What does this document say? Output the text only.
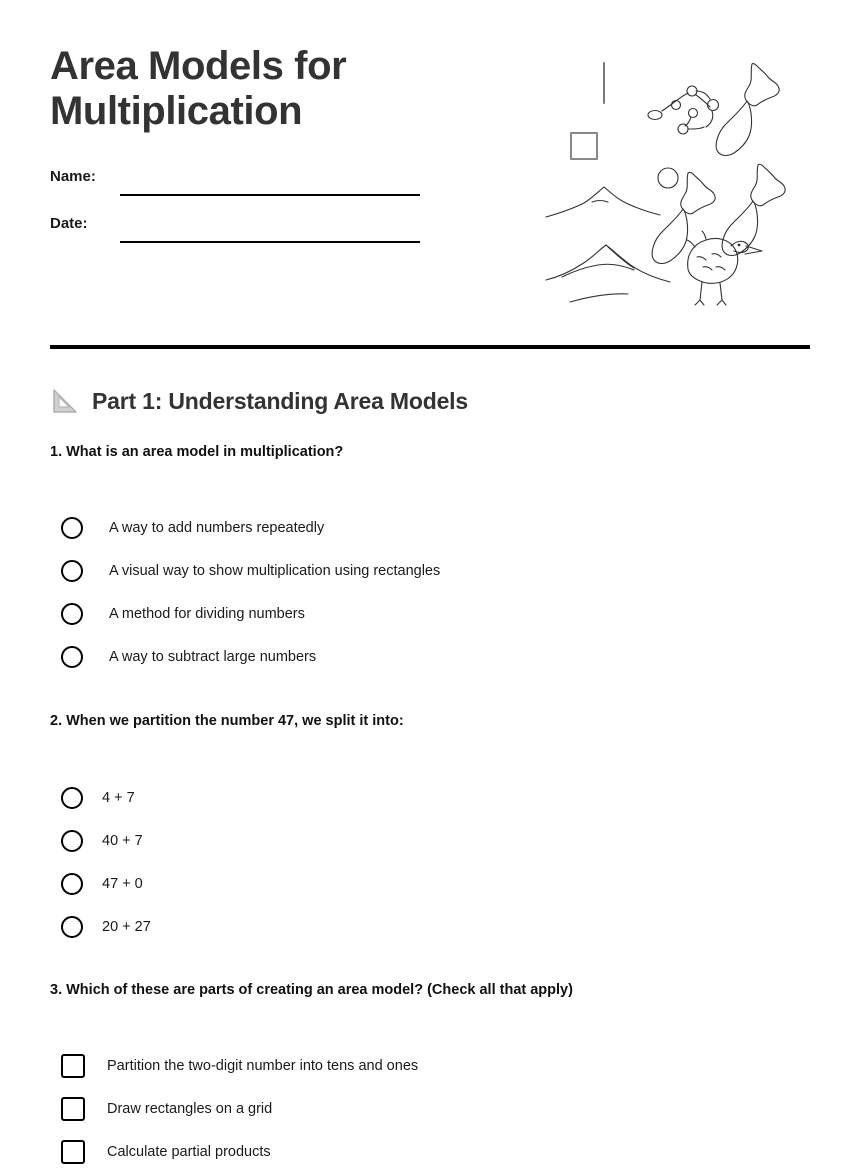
Area Models for Multiplication
Name:
Date:
Part 1: Understanding Area Models

1. What is an area model in multiplication?

A way to add numbers repeatedly
A visual way to show multiplication using rectangles
A method for dividing numbers
A way to subtract large numbers

2. When we partition the number 47, we split it into:

4 + 7
40 + 7
47 + 0
20 + 27

3. Which of these are parts of creating an area model? (Check all that apply)

Partition the two-digit number into tens and ones
Draw rectangles on a grid
Calculate partial products
